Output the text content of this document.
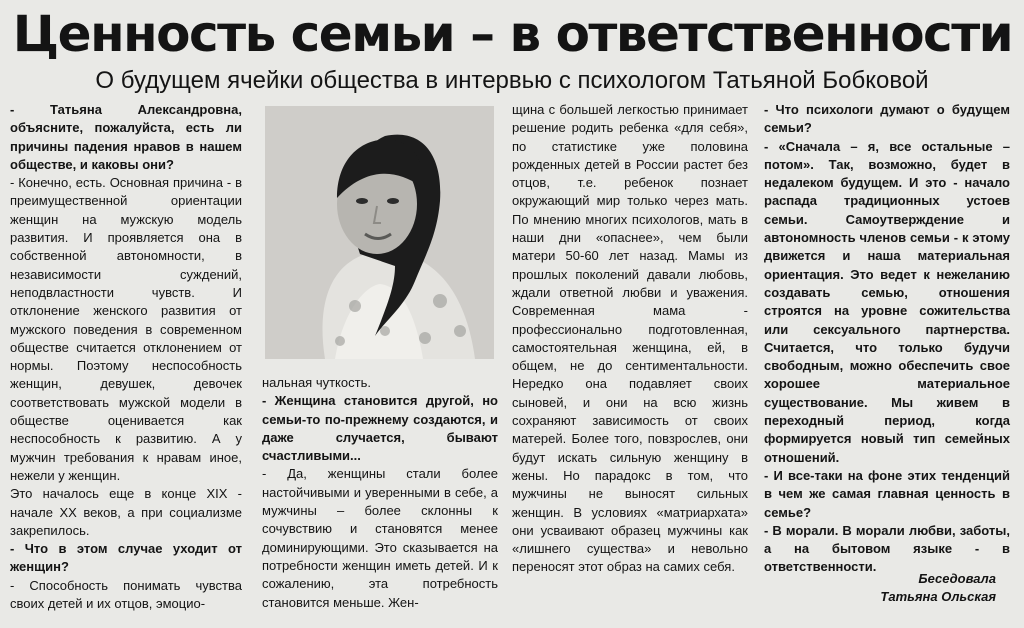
Ценность семьи – в ответственности
О будущем ячейки общества в интервью с психологом Татьяной Бобковой

- Татьяна Александровна, объясните, пожалуйста, есть ли причины падения нравов в нашем обществе, и каковы они?

- Конечно, есть. Основная причина - в преимущественной ориентации женщин на мужскую модель развития. И проявляется она в собственной автономности, в независимости суждений, неподвластности чувств. И отклонение женского развития от мужского поведения в современном обществе считается отклонением от нормы. Поэтому неспособность женщин, девушек, девочек соответствовать мужской модели в обществе оценивается как неспособность к развитию. А у мужчин требования к нравам иное, нежели у женщин.

Это началось еще в конце XIX - начале XX веков, а при социализме закрепилось.

- Что в этом случае уходит от женщин?

- Способность понимать чувства своих детей и их отцов, эмоцио-

нальная чуткость.

- Женщина становится другой, но семьи-то по-прежнему создаются, и даже случается, бывают счастливыми...

- Да, женщины стали более настойчивыми и уверенными в себе, а мужчины – более склонны к сочувствию и становятся менее доминирующими. Это сказывается на потребности женщин иметь детей. И к сожалению, эта потребность становится меньше. Жен-

щина с большей легкостью принимает решение родить ребенка «для себя», по статистике уже половина рожденных детей в России растет без отцов, т.е. ребенок познает окружающий мир только через мать. По мнению многих психологов, мать в наши дни «опаснее», чем были матери 50-60 лет назад. Мамы из прошлых поколений давали любовь, ждали ответной любви и уважения. Современная мама - профессионально подготовленная, самостоятельная женщина, ей, в общем, не до сентиментальности. Нередко она подавляет своих сыновей, и они на всю жизнь сохраняют зависимость от своих матерей. Более того, повзрослев, они будут искать сильную женщину в жены. Но парадокс в том, что мужчины не выносят сильных женщин. В условиях «матриархата» они усваивают образец мужчины как «лишнего существа» и невольно переносят этот образ на самих себя.

- Что психологи думают о будущем семьи?

- «Сначала – я, все остальные – потом». Так, возможно, будет в недалеком будущем. И это - начало распада традиционных устоев семьи. Самоутверждение и автономность членов семьи - к этому движется и наша материальная ориентация. Это ведет к нежеланию создавать семью, отношения строятся на уровне сожительства или сексуального партнерства. Считается, что только будучи свободным, можно обеспечить свое хорошее материальное существование. Мы живем в переходный период, когда формируется новый тип семейных отношений.

- И все-таки на фоне этих тенденций в чем же самая главная ценность в семье?

- В морали. В морали любви, заботы, а на бытовом языке - в ответственности.

Беседовала
Татьяна Ольская
